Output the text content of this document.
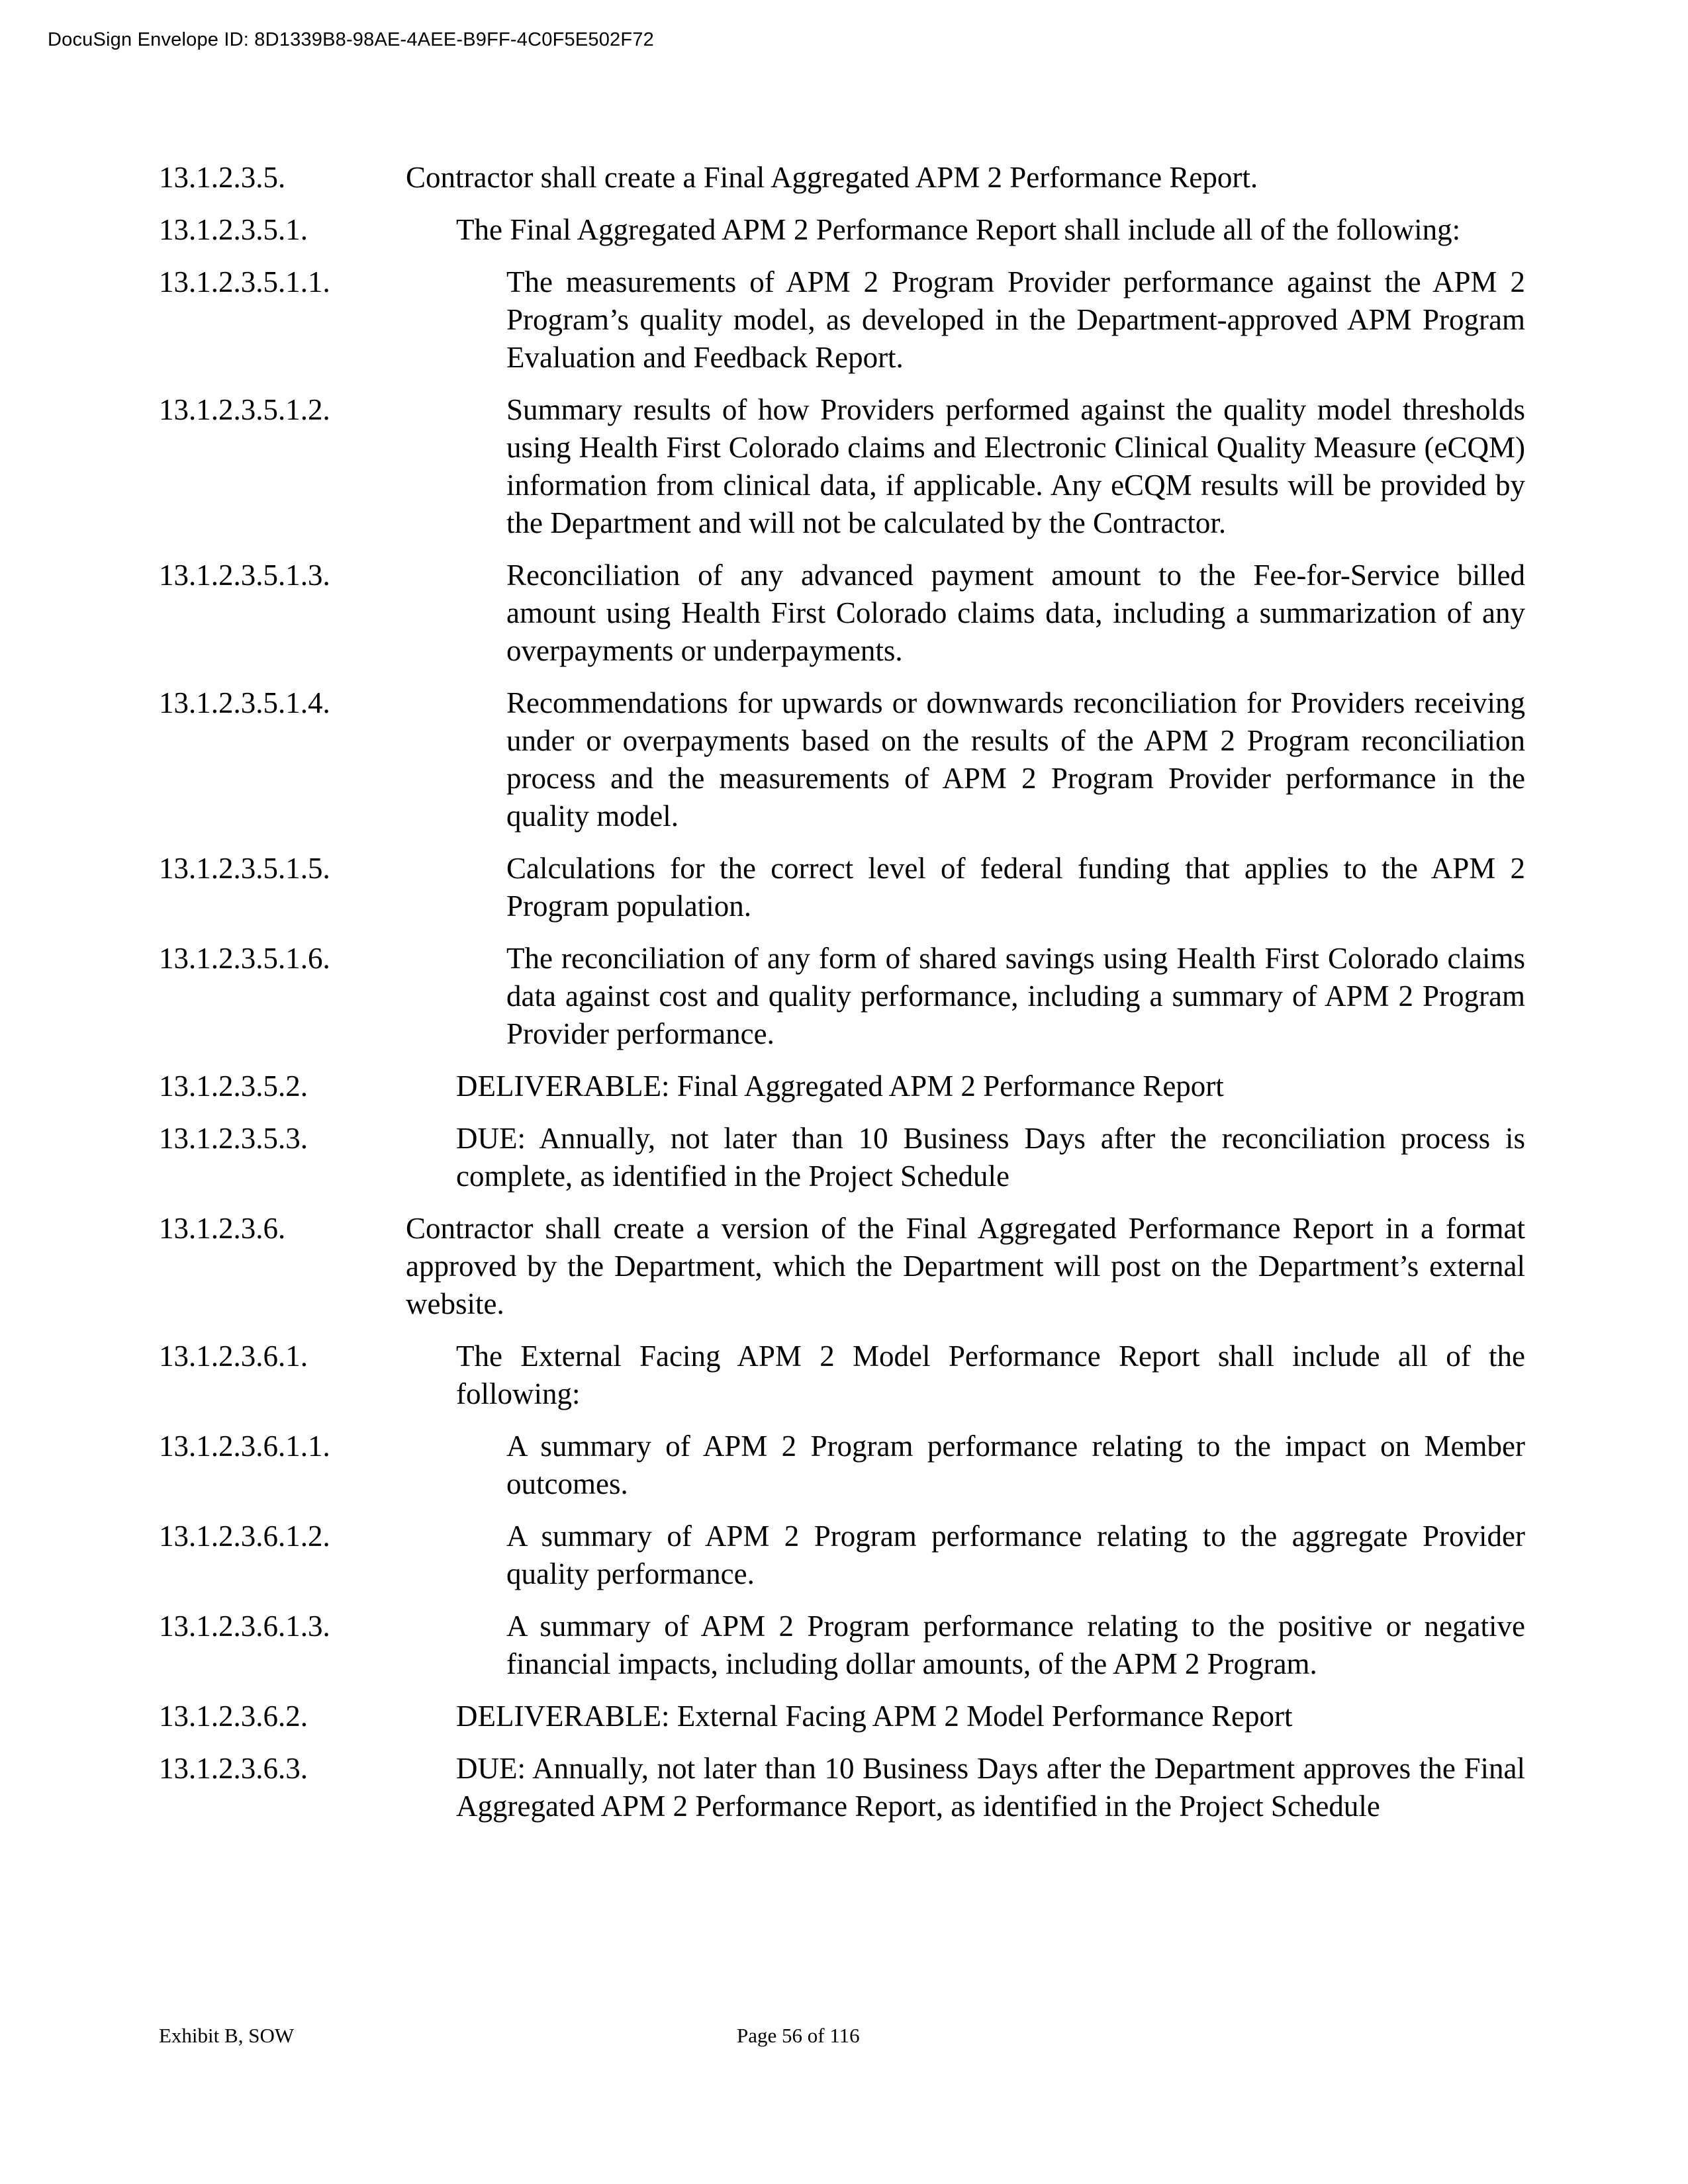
DocuSign Envelope ID: 8D1339B8-98AE-4AEE-B9FF-4C0F5E502F72
13.1.2.3.5.	Contractor shall create a Final Aggregated APM 2 Performance Report.
13.1.2.3.5.1.	The Final Aggregated APM 2 Performance Report shall include all of the following:
13.1.2.3.5.1.1.	The measurements of APM 2 Program Provider performance against the APM 2 Program’s quality model, as developed in the Department-approved APM Program Evaluation and Feedback Report.
13.1.2.3.5.1.2.	Summary results of how Providers performed against the quality model thresholds using Health First Colorado claims and Electronic Clinical Quality Measure (eCQM) information from clinical data, if applicable. Any eCQM results will be provided by the Department and will not be calculated by the Contractor.
13.1.2.3.5.1.3.	Reconciliation of any advanced payment amount to the Fee-for-Service billed amount using Health First Colorado claims data, including a summarization of any overpayments or underpayments.
13.1.2.3.5.1.4.	Recommendations for upwards or downwards reconciliation for Providers receiving under or overpayments based on the results of the APM 2 Program reconciliation process and the measurements of APM 2 Program Provider performance in the quality model.
13.1.2.3.5.1.5.	Calculations for the correct level of federal funding that applies to the APM 2 Program population.
13.1.2.3.5.1.6.	The reconciliation of any form of shared savings using Health First Colorado claims data against cost and quality performance, including a summary of APM 2 Program Provider performance.
13.1.2.3.5.2.	DELIVERABLE: Final Aggregated APM 2 Performance Report
13.1.2.3.5.3.	DUE: Annually, not later than 10 Business Days after the reconciliation process is complete, as identified in the Project Schedule
13.1.2.3.6.	Contractor shall create a version of the Final Aggregated Performance Report in a format approved by the Department, which the Department will post on the Department’s external website.
13.1.2.3.6.1.	The External Facing APM 2 Model Performance Report shall include all of the following:
13.1.2.3.6.1.1.	A summary of APM 2 Program performance relating to the impact on Member outcomes.
13.1.2.3.6.1.2.	A summary of APM 2 Program performance relating to the aggregate Provider quality performance.
13.1.2.3.6.1.3.	A summary of APM 2 Program performance relating to the positive or negative financial impacts, including dollar amounts, of the APM 2 Program.
13.1.2.3.6.2.	DELIVERABLE: External Facing APM 2 Model Performance Report
13.1.2.3.6.3.	DUE: Annually, not later than 10 Business Days after the Department approves the Final Aggregated APM 2 Performance Report, as identified in the Project Schedule
Exhibit B, SOW	Page 56 of 116
